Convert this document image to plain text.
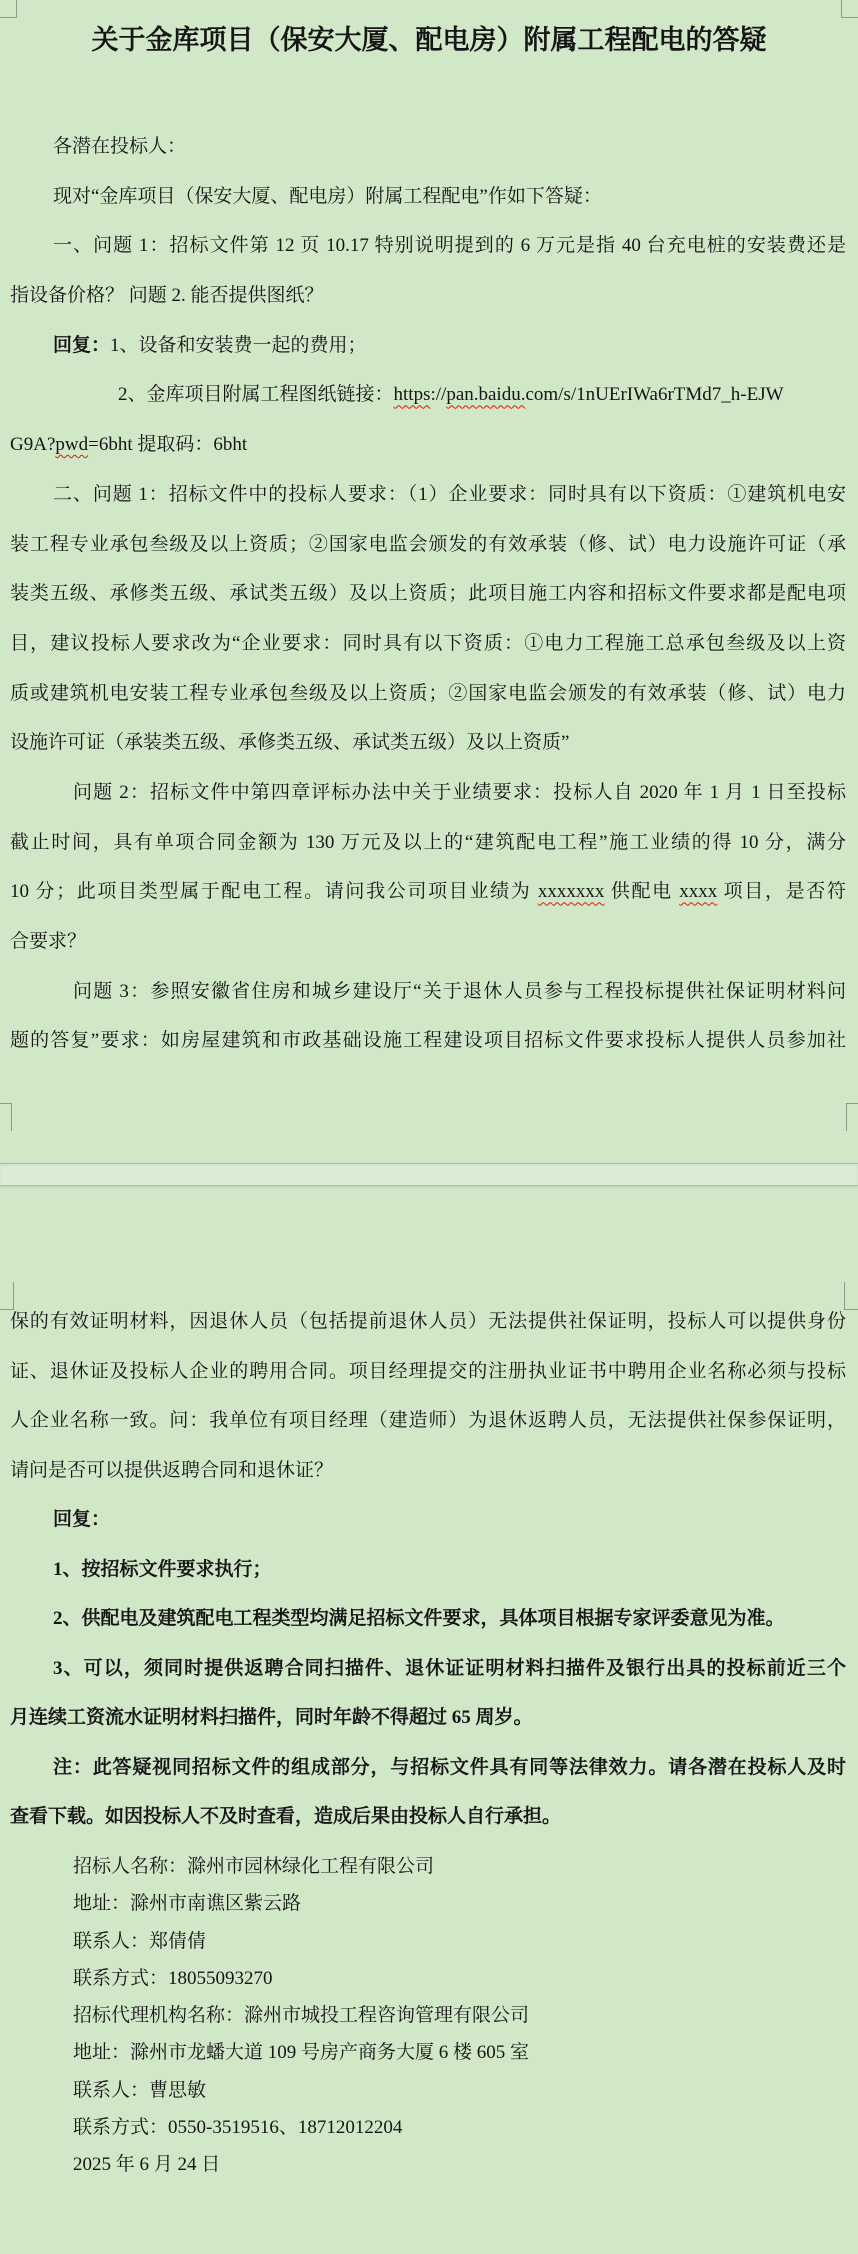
关于金库项目（保安大厦、配电房）附属工程配电的答疑
各潜在投标人：
现对“金库项目（保安大厦、配电房）附属工程配电”作如下答疑：
一、问题 1：招标文件第 12 页 10.17 特别说明提到的 6 万元是指 40 台充电桩的安装费还是
指设备价格？ 问题 2. 能否提供图纸？
回复：1、设备和安装费一起的费用；
2、金库项目附属工程图纸链接：https://pan.baidu.com/s/1nUErIWa6rTMd7_h-EJW
G9A?pwd=6bht 提取码：6bht
二、问题 1：招标文件中的投标人要求：（1）企业要求：同时具有以下资质：①建筑机电安
装工程专业承包叁级及以上资质；②国家电监会颁发的有效承装（修、试）电力设施许可证（承
装类五级、承修类五级、承试类五级）及以上资质；此项目施工内容和招标文件要求都是配电项
目，建议投标人要求改为“企业要求：同时具有以下资质：①电力工程施工总承包叁级及以上资
质或建筑机电安装工程专业承包叁级及以上资质；②国家电监会颁发的有效承装（修、试）电力
设施许可证（承装类五级、承修类五级、承试类五级）及以上资质”
问题 2：招标文件中第四章评标办法中关于业绩要求：投标人自 2020 年 1 月 1 日至投标
截止时间，具有单项合同金额为 130 万元及以上的“建筑配电工程”施工业绩的得 10 分，满分
10 分；此项目类型属于配电工程。请问我公司项目业绩为 xxxxxxx 供配电 xxxx 项目，是否符
合要求？
问题 3：参照安徽省住房和城乡建设厅“关于退休人员参与工程投标提供社保证明材料问
题的答复”要求：如房屋建筑和市政基础设施工程建设项目招标文件要求投标人提供人员参加社
保的有效证明材料，因退休人员（包括提前退休人员）无法提供社保证明，投标人可以提供身份
证、退休证及投标人企业的聘用合同。项目经理提交的注册执业证书中聘用企业名称必须与投标
人企业名称一致。问：我单位有项目经理（建造师）为退休返聘人员，无法提供社保参保证明，
请问是否可以提供返聘合同和退休证？
回复：
1、按招标文件要求执行；
2、供配电及建筑配电工程类型均满足招标文件要求，具体项目根据专家评委意见为准。
3、可以，须同时提供返聘合同扫描件、退休证证明材料扫描件及银行出具的投标前近三个
月连续工资流水证明材料扫描件，同时年龄不得超过 65 周岁。
注：此答疑视同招标文件的组成部分，与招标文件具有同等法律效力。请各潜在投标人及时
查看下载。如因投标人不及时查看，造成后果由投标人自行承担。
招标人名称：滁州市园林绿化工程有限公司
地址：滁州市南谯区紫云路
联系人：郑倩倩
联系方式：18055093270
招标代理机构名称：滁州市城投工程咨询管理有限公司
地址：滁州市龙蟠大道 109 号房产商务大厦 6 楼 605 室
联系人：曹思敏
联系方式：0550-3519516、18712012204
2025 年 6 月 24 日
